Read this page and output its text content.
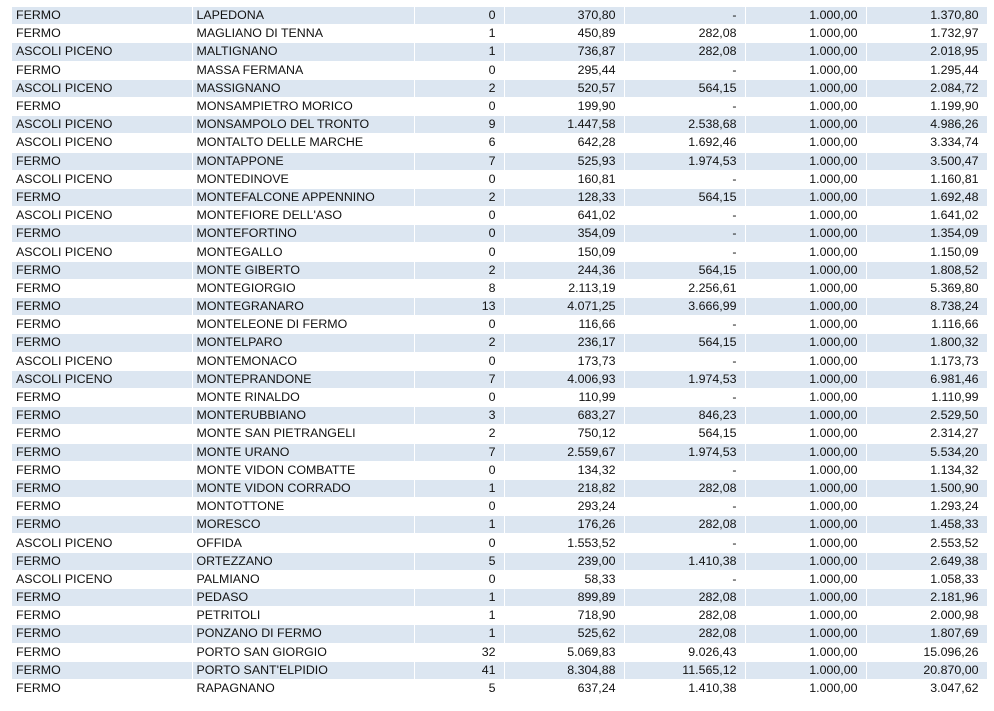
FERMO	LAPEDONA	0	370,80	-	1.000,00	1.370,80
FERMO	MAGLIANO DI TENNA	1	450,89	282,08	1.000,00	1.732,97
ASCOLI PICENO	MALTIGNANO	1	736,87	282,08	1.000,00	2.018,95
FERMO	MASSA FERMANA	0	295,44	-	1.000,00	1.295,44
ASCOLI PICENO	MASSIGNANO	2	520,57	564,15	1.000,00	2.084,72
FERMO	MONSAMPIETRO MORICO	0	199,90	-	1.000,00	1.199,90
ASCOLI PICENO	MONSAMPOLO DEL TRONTO	9	1.447,58	2.538,68	1.000,00	4.986,26
ASCOLI PICENO	MONTALTO DELLE MARCHE	6	642,28	1.692,46	1.000,00	3.334,74
FERMO	MONTAPPONE	7	525,93	1.974,53	1.000,00	3.500,47
ASCOLI PICENO	MONTEDINOVE	0	160,81	-	1.000,00	1.160,81
FERMO	MONTEFALCONE APPENNINO	2	128,33	564,15	1.000,00	1.692,48
ASCOLI PICENO	MONTEFIORE DELL'ASO	0	641,02	-	1.000,00	1.641,02
FERMO	MONTEFORTINO	0	354,09	-	1.000,00	1.354,09
ASCOLI PICENO	MONTEGALLO	0	150,09	-	1.000,00	1.150,09
FERMO	MONTE GIBERTO	2	244,36	564,15	1.000,00	1.808,52
FERMO	MONTEGIORGIO	8	2.113,19	2.256,61	1.000,00	5.369,80
FERMO	MONTEGRANARO	13	4.071,25	3.666,99	1.000,00	8.738,24
FERMO	MONTELEONE DI FERMO	0	116,66	-	1.000,00	1.116,66
FERMO	MONTELPARO	2	236,17	564,15	1.000,00	1.800,32
ASCOLI PICENO	MONTEMONACO	0	173,73	-	1.000,00	1.173,73
ASCOLI PICENO	MONTEPRANDONE	7	4.006,93	1.974,53	1.000,00	6.981,46
FERMO	MONTE RINALDO	0	110,99	-	1.000,00	1.110,99
FERMO	MONTERUBBIANO	3	683,27	846,23	1.000,00	2.529,50
FERMO	MONTE SAN PIETRANGELI	2	750,12	564,15	1.000,00	2.314,27
FERMO	MONTE URANO	7	2.559,67	1.974,53	1.000,00	5.534,20
FERMO	MONTE VIDON COMBATTE	0	134,32	-	1.000,00	1.134,32
FERMO	MONTE VIDON CORRADO	1	218,82	282,08	1.000,00	1.500,90
FERMO	MONTOTTONE	0	293,24	-	1.000,00	1.293,24
FERMO	MORESCO	1	176,26	282,08	1.000,00	1.458,33
ASCOLI PICENO	OFFIDA	0	1.553,52	-	1.000,00	2.553,52
FERMO	ORTEZZANO	5	239,00	1.410,38	1.000,00	2.649,38
ASCOLI PICENO	PALMIANO	0	58,33	-	1.000,00	1.058,33
FERMO	PEDASO	1	899,89	282,08	1.000,00	2.181,96
FERMO	PETRITOLI	1	718,90	282,08	1.000,00	2.000,98
FERMO	PONZANO DI FERMO	1	525,62	282,08	1.000,00	1.807,69
FERMO	PORTO SAN GIORGIO	32	5.069,83	9.026,43	1.000,00	15.096,26
FERMO	PORTO SANT'ELPIDIO	41	8.304,88	11.565,12	1.000,00	20.870,00
FERMO	RAPAGNANO	5	637,24	1.410,38	1.000,00	3.047,62
